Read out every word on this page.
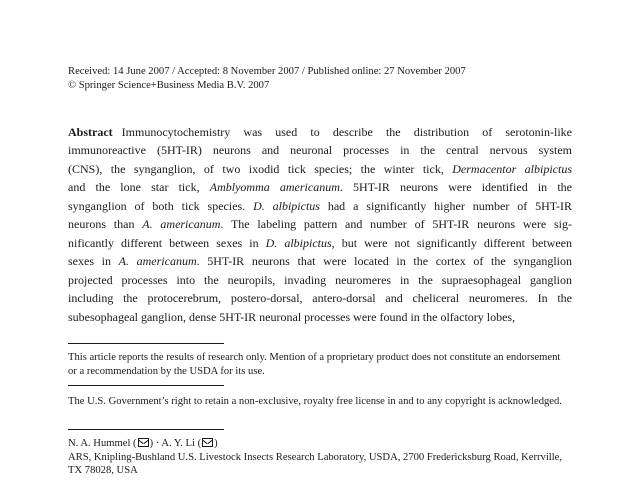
Received: 14 June 2007 / Accepted: 8 November 2007 / Published online: 27 November 2007
© Springer Science+Business Media B.V. 2007
Abstract Immunocytochemistry was used to describe the distribution of serotonin-like
immunoreactive (5HT-IR) neurons and neuronal processes in the central nervous system
(CNS), the synganglion, of two ixodid tick species; the winter tick, Dermacentor albipictus
and the lone star tick, Amblyomma americanum. 5HT-IR neurons were identified in the
synganglion of both tick species. D. albipictus had a significantly higher number of 5HT-IR
neurons than A. americanum. The labeling pattern and number of 5HT-IR neurons were sig-
nificantly different between sexes in D. albipictus, but were not significantly different between
sexes in A. americanum. 5HT-IR neurons that were located in the cortex of the synganglion
projected processes into the neuropils, invading neuromeres in the supraesophageal ganglion
including the protocerebrum, postero-dorsal, antero-dorsal and cheliceral neuromeres. In the
subesophageal ganglion, dense 5HT-IR neuronal processes were found in the olfactory lobes,
This article reports the results of research only. Mention of a proprietary product does not constitute an endorsement or a recommendation by the USDA for its use.
The U.S. Government’s right to retain a non-exclusive, royalty free license in and to any copyright is acknowledged.
N. A. Hummel ( ) · A. Y. Li ( )
ARS, Knipling-Bushland U.S. Livestock Insects Research Laboratory, USDA, 2700 Fredericksburg Road, Kerrville, TX 78028, USA
